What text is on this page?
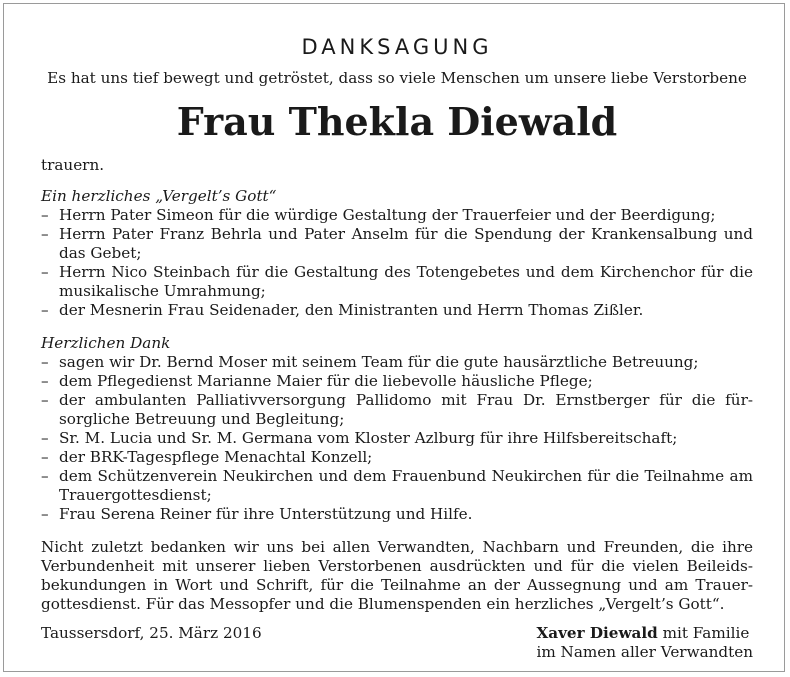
DANKSAGUNG
Es hat uns tief bewegt und getröstet, dass so viele Menschen um unsere liebe Verstorbene
Frau Thekla Diewald
trauern.
Ein herzliches „Vergelt’s Gott“
– Herrn Pater Simeon für die würdige Gestaltung der Trauerfeier und der Beerdigung;
– Herrn Pater Franz Behrla und Pater Anselm für die Spendung der Krankensalbung und das Gebet;
– Herrn Nico Steinbach für die Gestaltung des Totengebetes und dem Kirchenchor für die musikalische Umrahmung;
– der Mesnerin Frau Seidenader, den Ministranten und Herrn Thomas Zißler.
Herzlichen Dank
– sagen wir Dr. Bernd Moser mit seinem Team für die gute hausärztliche Betreuung;
– dem Pflegedienst Marianne Maier für die liebevolle häusliche Pflege;
– der ambulanten Palliativversorgung Pallidomo mit Frau Dr. Ernstberger für die fürsorgliche Betreuung und Begleitung;
– Sr. M. Lucia und Sr. M. Germana vom Kloster Azlburg für ihre Hilfsbereitschaft;
– der BRK-Tagespflege Menachtal Konzell;
– dem Schützenverein Neukirchen und dem Frauenbund Neukirchen für die Teilnahme am Trauergottesdienst;
– Frau Serena Reiner für ihre Unterstützung und Hilfe.
Nicht zuletzt bedanken wir uns bei allen Verwandten, Nachbarn und Freunden, die ihre Verbundenheit mit unserer lieben Verstorbenen ausdrückten und für die vielen Beileidsbekundungen in Wort und Schrift, für die Teilnahme an der Aussegnung und am Trauergottesdienst. Für das Messopfer und die Blumenspenden ein herzliches „Vergelt’s Gott“.
Taussersdorf, 25. März 2016	Xaver Diewald mit Familie
im Namen aller Verwandten
